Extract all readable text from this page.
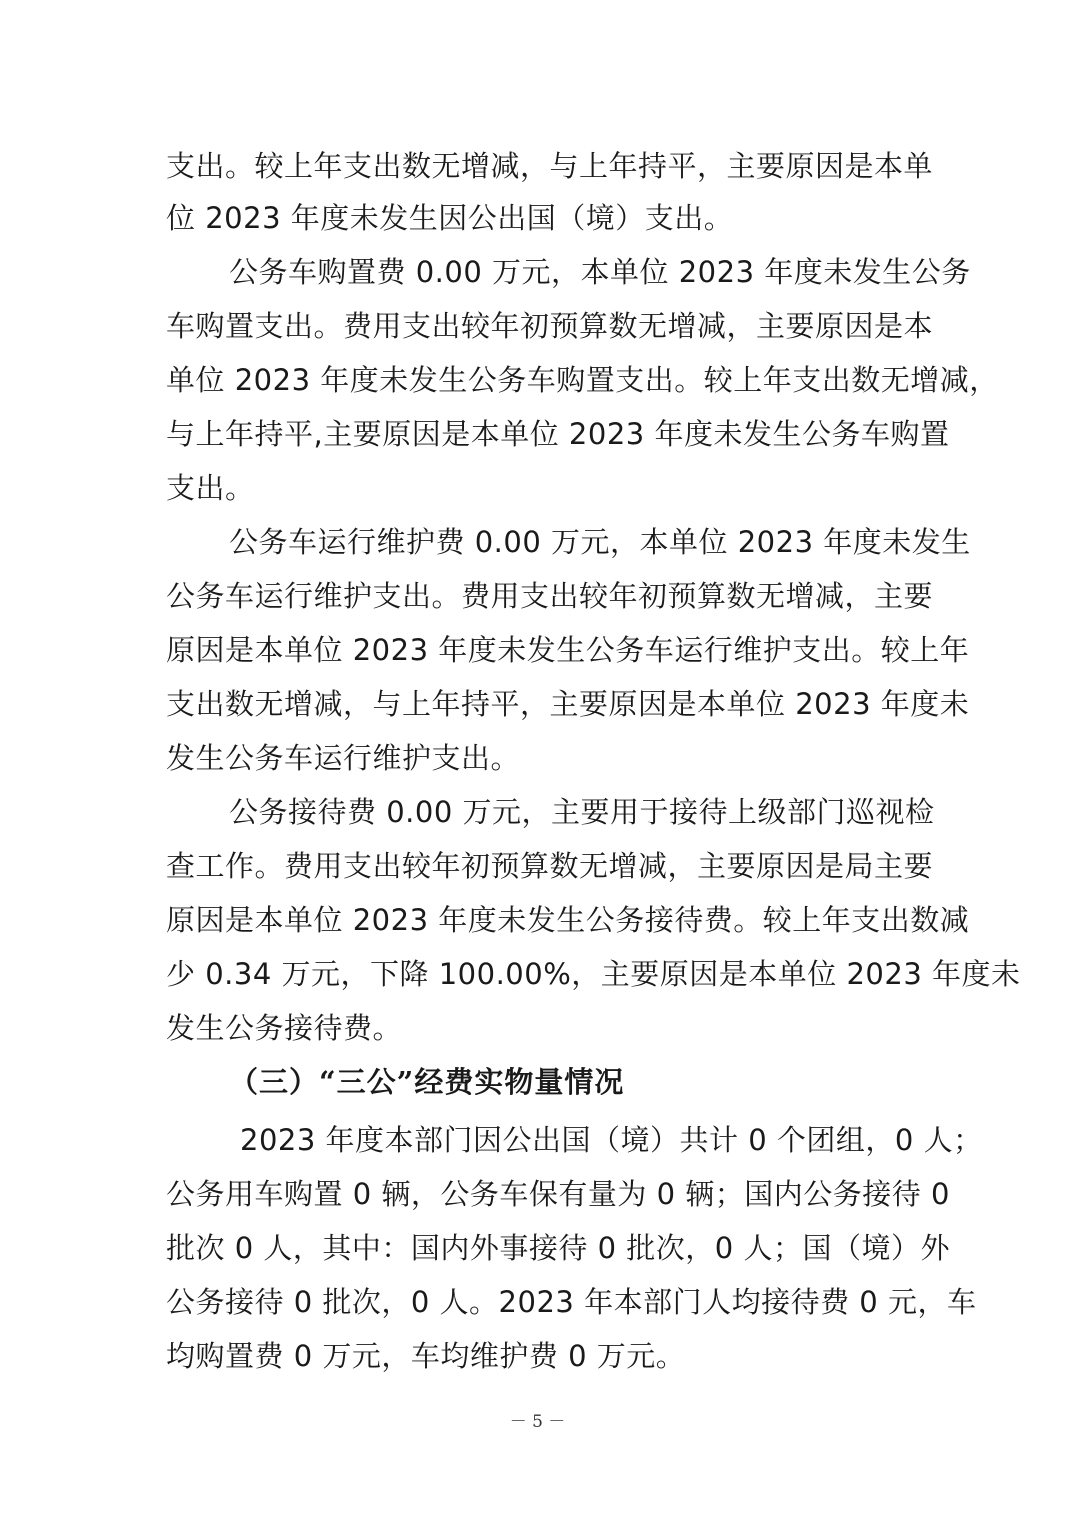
支出。较上年支出数无增减，与上年持平，主要原因是本单
位 2023 年度未发生因公出国（境）支出。
公务车购置费 0.00 万元，本单位 2023 年度未发生公务
车购置支出。费用支出较年初预算数无增减，主要原因是本
单位 2023 年度未发生公务车购置支出。较上年支出数无增减，
与上年持平,主要原因是本单位 2023 年度未发生公务车购置
支出。
公务车运行维护费 0.00 万元，本单位 2023 年度未发生
公务车运行维护支出。费用支出较年初预算数无增减，主要
原因是本单位 2023 年度未发生公务车运行维护支出。较上年
支出数无增减，与上年持平，主要原因是本单位 2023 年度未
发生公务车运行维护支出。
公务接待费 0.00 万元，主要用于接待上级部门巡视检
查工作。费用支出较年初预算数无增减，主要原因是局主要
原因是本单位 2023 年度未发生公务接待费。较上年支出数减
少 0.34 万元，下降 100.00%，主要原因是本单位 2023 年度未
发生公务接待费。
（三）“三公”经费实物量情况
2023 年度本部门因公出国（境）共计 0 个团组，0 人；
公务用车购置 0 辆，公务车保有量为 0 辆；国内公务接待 0
批次 0 人，其中：国内外事接待 0 批次，0 人；国（境）外
公务接待 0 批次，0 人。2023 年本部门人均接待费 0 元，车
均购置费 0 万元，车均维护费 0 万元。
－ 5 －
